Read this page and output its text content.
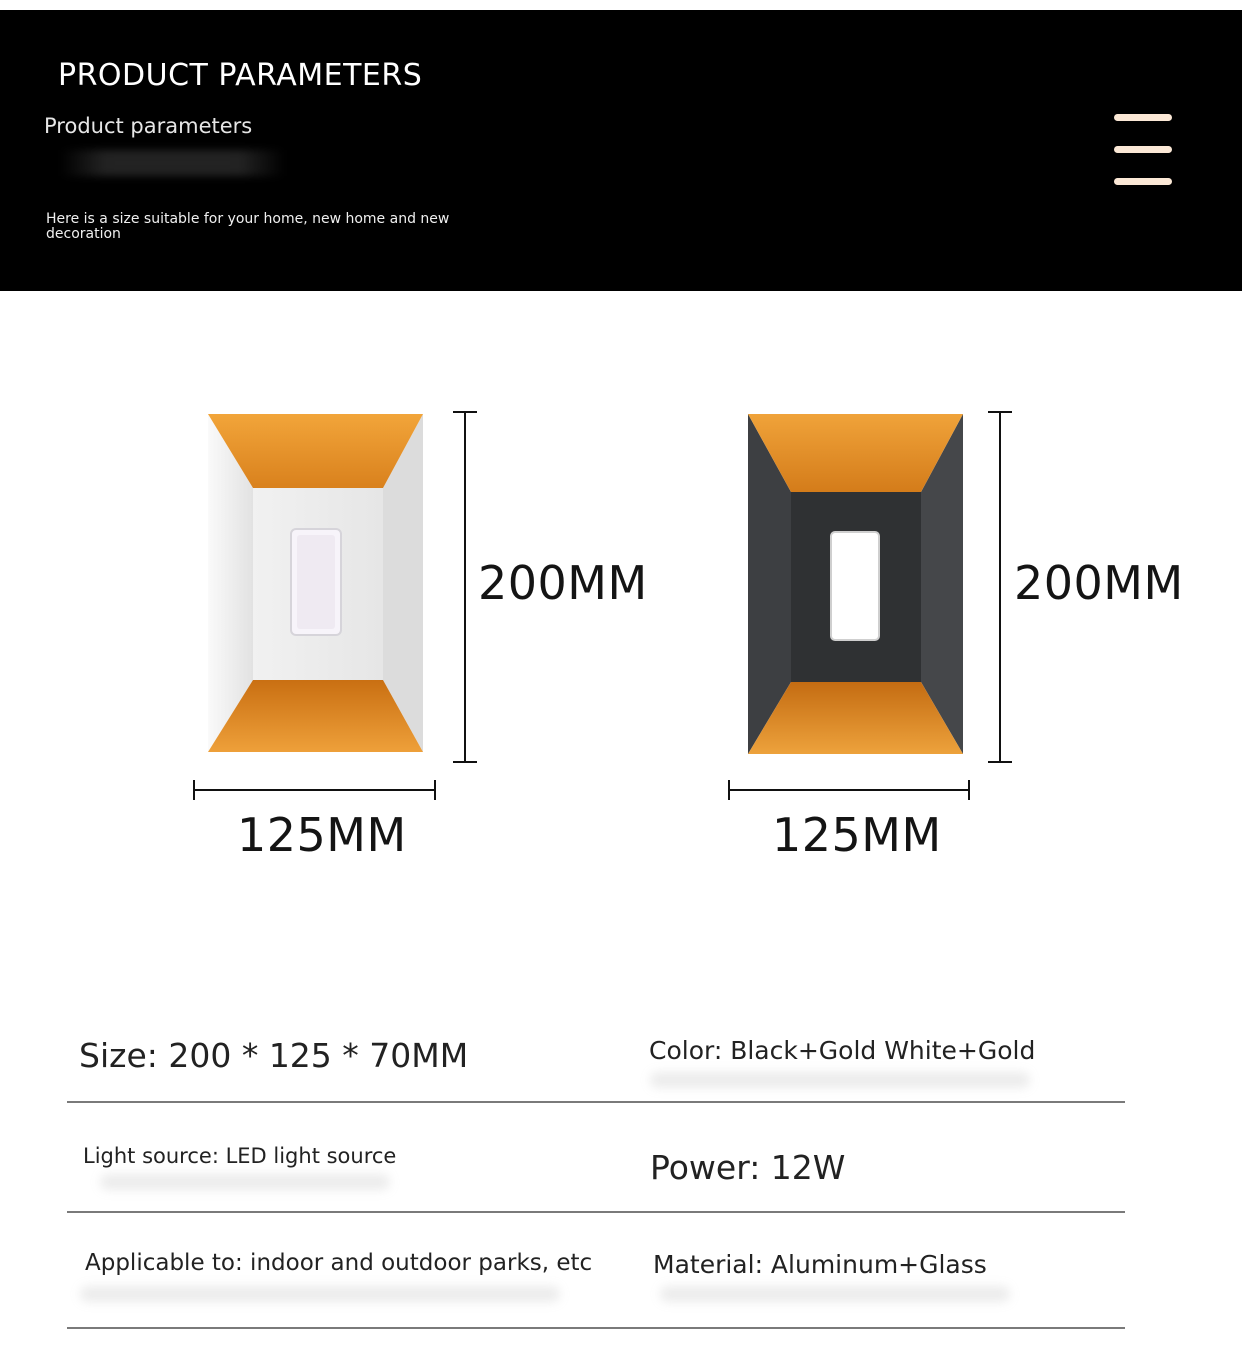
PRODUCT PARAMETERS
Product parameters
Here is a size suitable for your home, new home and new decoration
200MM
125MM
200MM
125MM
Size: 200 * 125 * 70MM	Color: Black+Gold White+Gold
Light source: LED light source	Power: 12W
Applicable to: indoor and outdoor parks, etc Material: Aluminum+Glass
